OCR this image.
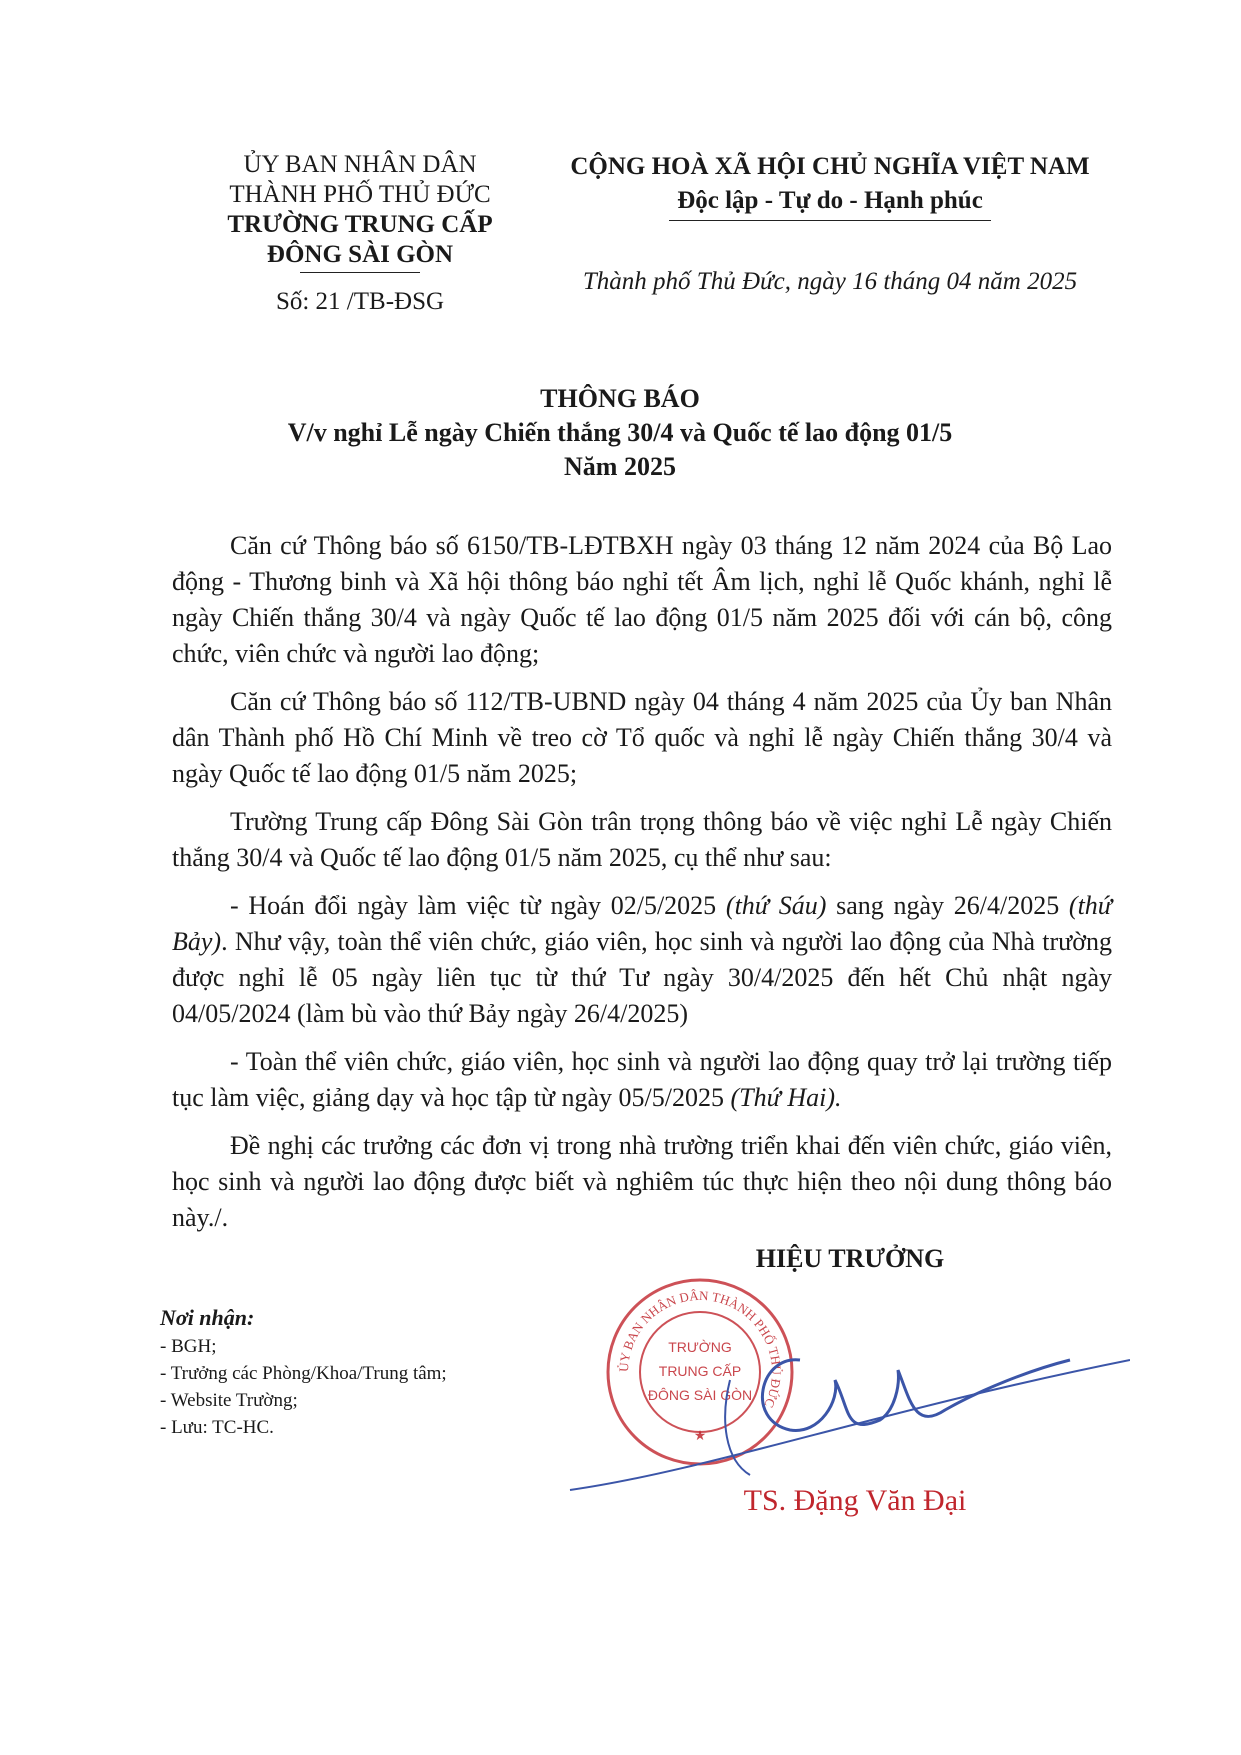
ỦY BAN NHÂN DÂN
THÀNH PHỐ THỦ ĐỨC
TRƯỜNG TRUNG CẤP
ĐÔNG SÀI GÒN
Số: 21 /TB-ĐSG
CỘNG HOÀ XÃ HỘI CHỦ NGHĨA VIỆT NAM
Độc lập - Tự do - Hạnh phúc
Thành phố Thủ Đức, ngày 16 tháng 04 năm 2025
THÔNG BÁO
V/v nghỉ Lễ ngày Chiến thắng 30/4 và Quốc tế lao động 01/5
Năm 2025

Căn cứ Thông báo số 6150/TB-LĐTBXH ngày 03 tháng 12 năm 2024 của Bộ Lao động - Thương binh và Xã hội thông báo nghỉ tết Âm lịch, nghỉ lễ Quốc khánh, nghỉ lễ ngày Chiến thắng 30/4 và ngày Quốc tế lao động 01/5 năm 2025 đối với cán bộ, công chức, viên chức và người lao động;

Căn cứ Thông báo số 112/TB-UBND ngày 04 tháng 4 năm 2025 của Ủy ban Nhân dân Thành phố Hồ Chí Minh về treo cờ Tổ quốc và nghỉ lễ ngày Chiến thắng 30/4 và ngày Quốc tế lao động 01/5 năm 2025;

Trường Trung cấp Đông Sài Gòn trân trọng thông báo về việc nghỉ Lễ ngày Chiến thắng 30/4 và Quốc tế lao động 01/5 năm 2025, cụ thể như sau:

- Hoán đổi ngày làm việc từ ngày 02/5/2025 (thứ Sáu) sang ngày 26/4/2025 (thứ Bảy). Như vậy, toàn thể viên chức, giáo viên, học sinh và người lao động của Nhà trường được nghỉ lễ 05 ngày liên tục từ thứ Tư ngày 30/4/2025 đến hết Chủ nhật ngày 04/05/2024 (làm bù vào thứ Bảy ngày 26/4/2025)

- Toàn thể viên chức, giáo viên, học sinh và người lao động quay trở lại trường tiếp tục làm việc, giảng dạy và học tập từ ngày 05/5/2025 (Thứ Hai).

Đề nghị các trưởng các đơn vị trong nhà trường triển khai đến viên chức, giáo viên, học sinh và người lao động được biết và nghiêm túc thực hiện theo nội dung thông báo này./.

HIỆU TRƯỞNG
Nơi nhận:
- BGH;
- Trưởng các Phòng/Khoa/Trung tâm;
- Website Trường;
- Lưu: TC-HC.
ỦY BAN NHÂN DÂN THÀNH PHỐ THỦ ĐỨC
TRƯỜNG
TRUNG CẤP
ĐÔNG SÀI GÒN
★
TS. Đặng Văn Đại
